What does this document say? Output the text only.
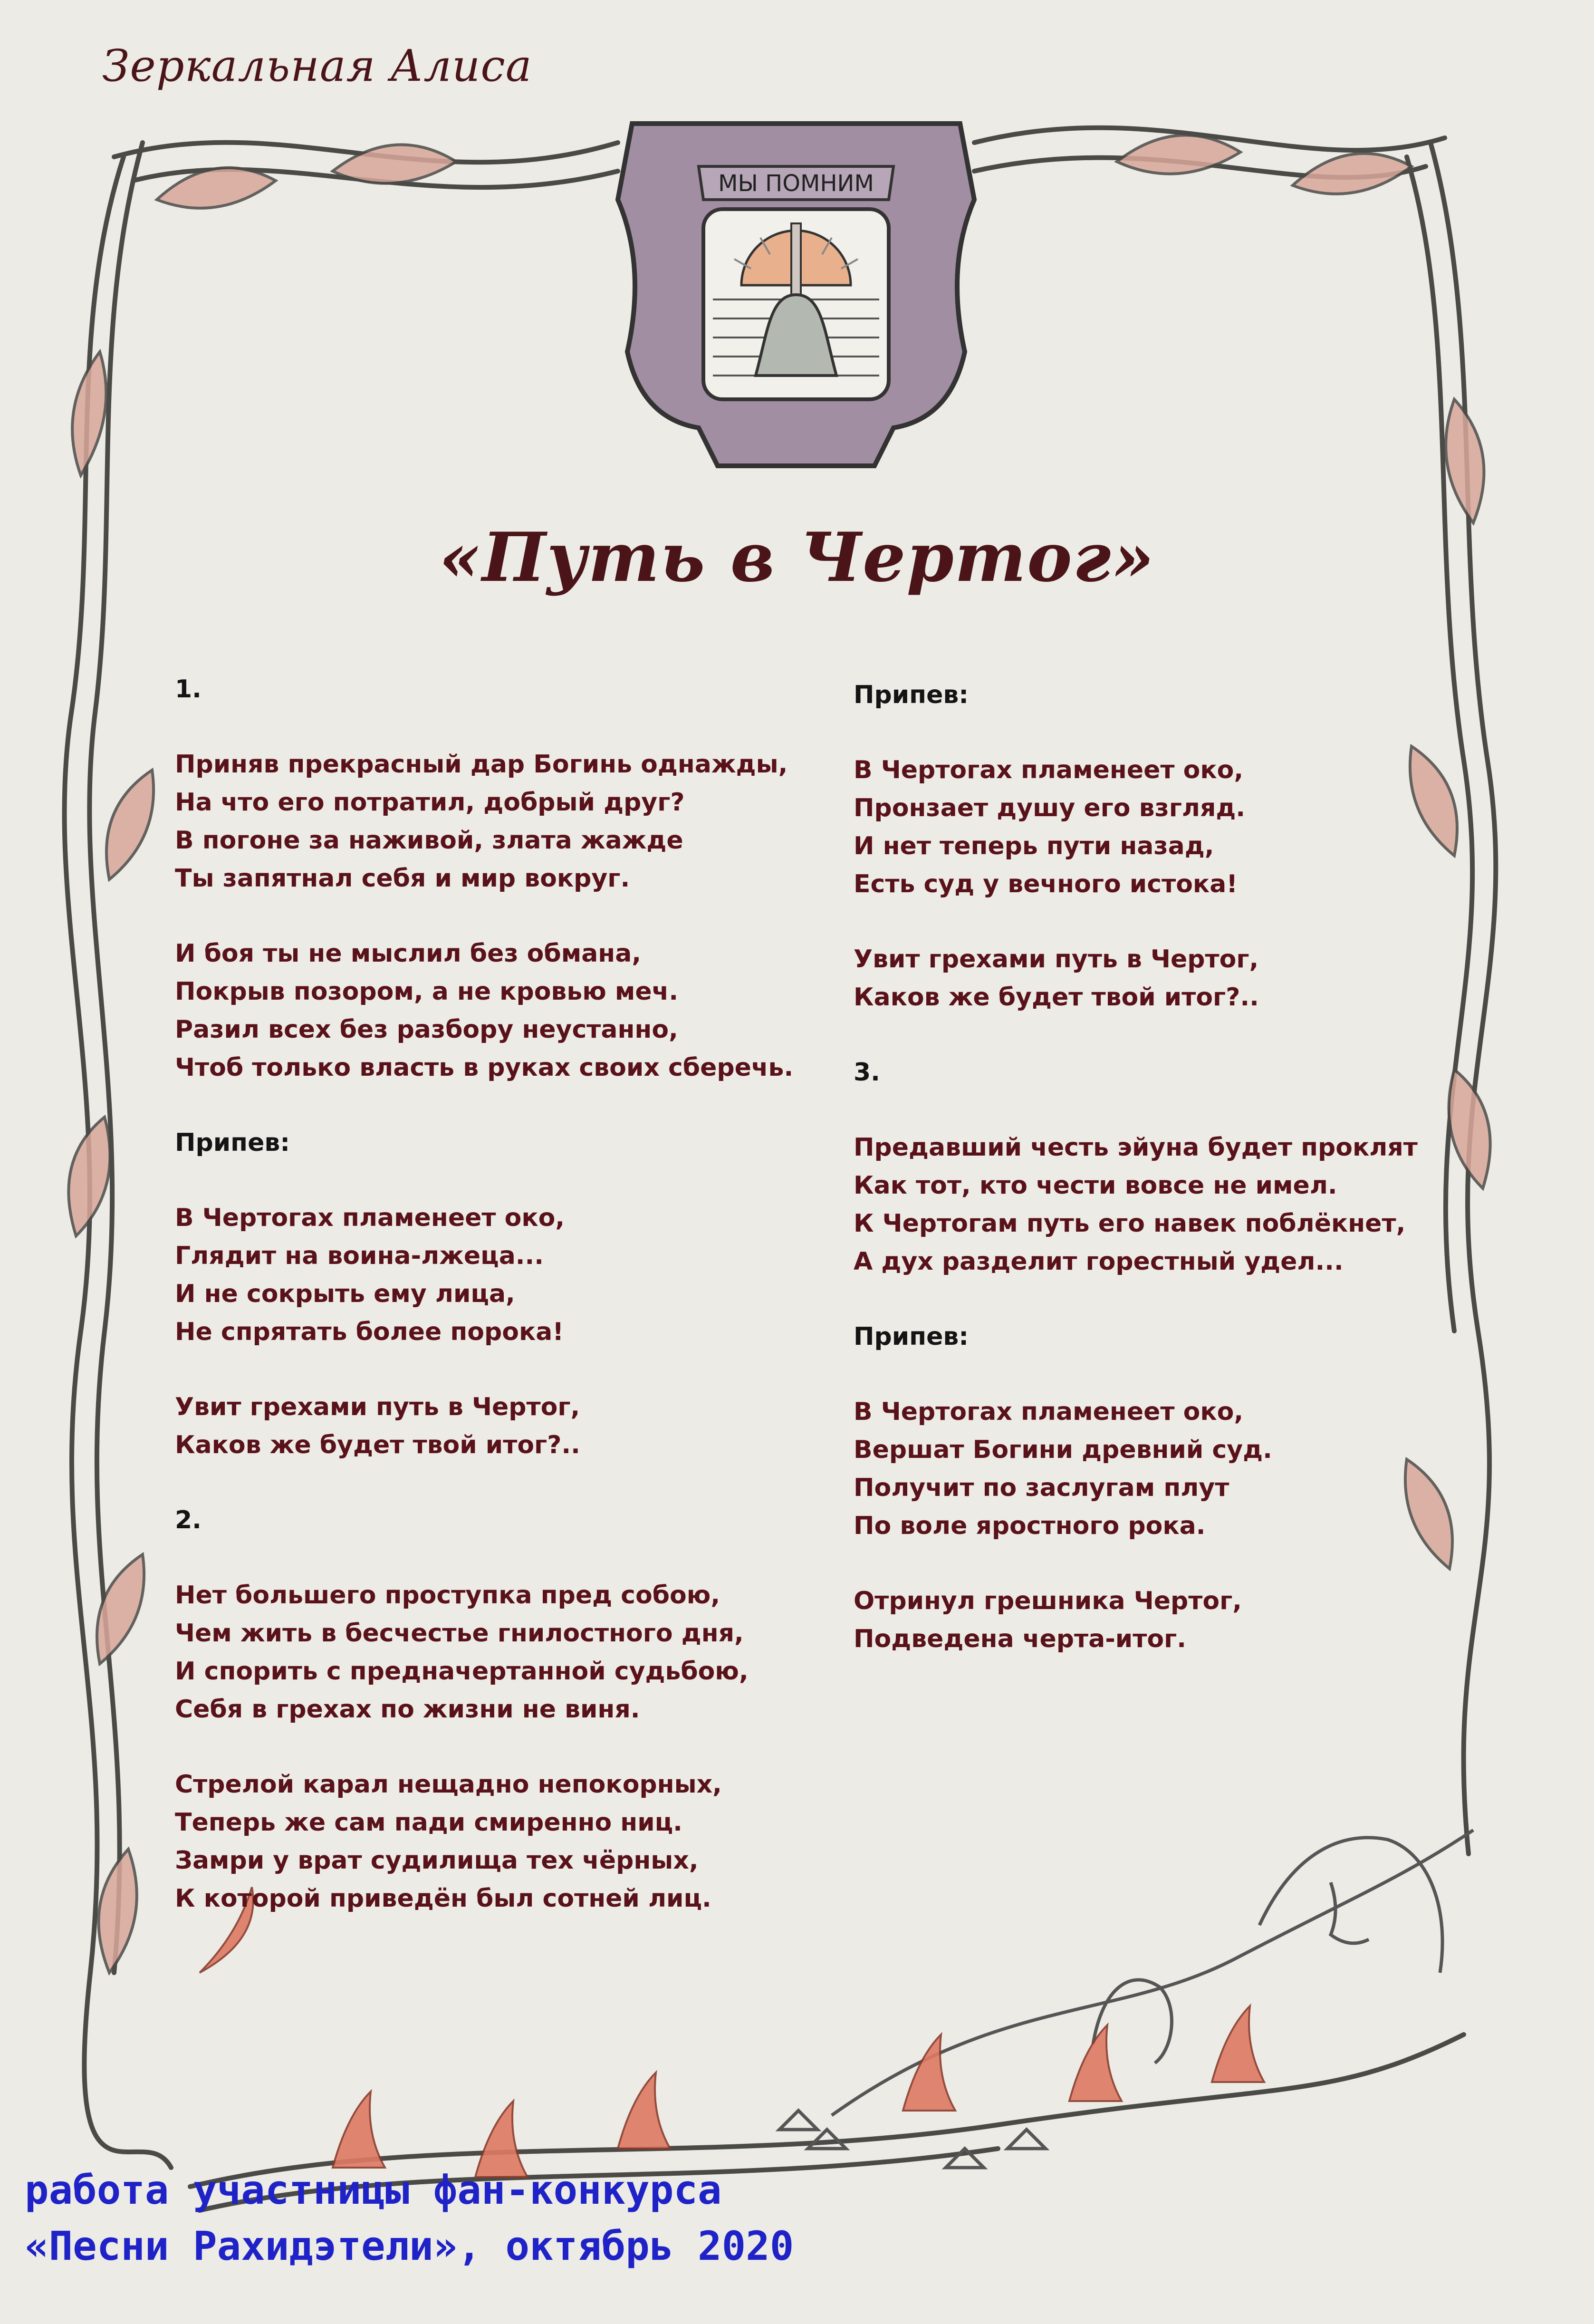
МЫ ПОМНИМ
Зеркальная Алиса
«Путь в Чертог»
1.
Приняв прекрасный дар Богинь однажды,
На что его потратил, добрый друг?
В погоне за наживой, злата жажде
Ты запятнал себя и мир вокруг.
И боя ты не мыслил без обмана,
Покрыв позором, а не кровью меч.
Разил всех без разбору неустанно,
Чтоб только власть в руках своих сберечь.
Припев:
В Чертогах пламенеет око,
Глядит на воина-лжеца...
И не сокрыть ему лица,
Не спрятать более порока!
Увит грехами путь в Чертог,
Каков же будет твой итог?..
2.
Нет большего проступка пред собою,
Чем жить в бесчестье гнилостного дня,
И спорить с предначертанной судьбою,
Себя в грехах по жизни не виня.
Стрелой карал нещадно непокорных,
Теперь же сам пади смиренно ниц.
Замри у врат судилища тех чёрных,
К которой приведён был сотней лиц.
Припев:
В Чертогах пламенеет око,
Пронзает душу его взгляд.
И нет теперь пути назад,
Есть суд у вечного истока!
Увит грехами путь в Чертог,
Каков же будет твой итог?..
3.
Предавший честь эйуна будет проклят
Как тот, кто чести вовсе не имел.
К Чертогам путь его навек поблёкнет,
А дух разделит горестный удел...
Припев:
В Чертогах пламенеет око,
Вершат Богини древний суд.
Получит по заслугам плут
По воле яростного рока.
Отринул грешника Чертог,
Подведена черта-итог.
работа участницы фан-конкурса
«Песни Рахидэтели», октябрь 2020
